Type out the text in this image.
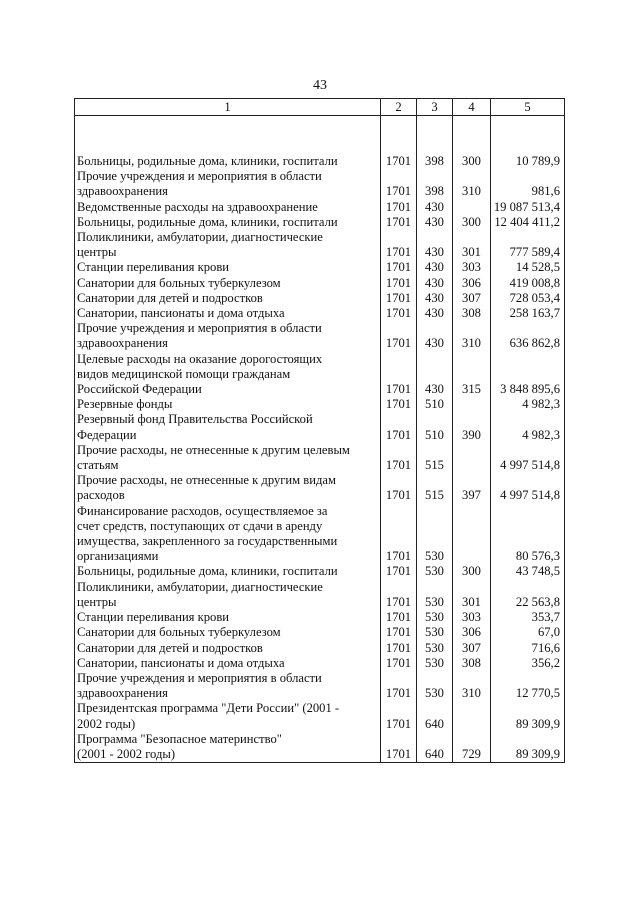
43
1	2	3	4	5

Больницы, родильные дома, клиники, госпитали	1701	398	300	10 789,9
Прочие учреждения и мероприятия в области
здравоохранения	1701	398	310	981,6
Ведомственные расходы на здравоохранение	1701	430		19 087 513,4
Больницы, родильные дома, клиники, госпитали	1701	430	300	12 404 411,2
Поликлиники, амбулатории, диагностические
центры	1701	430	301	777 589,4
Станции переливания крови	1701	430	303	14 528,5
Санатории для больных туберкулезом	1701	430	306	419 008,8
Санатории для детей и подростков	1701	430	307	728 053,4
Санатории, пансионаты и дома отдыха	1701	430	308	258 163,7
Прочие учреждения и мероприятия в области
здравоохранения	1701	430	310	636 862,8
Целевые расходы на оказание дорогостоящих
видов медицинской помощи гражданам
Российской Федерации	1701	430	315	3 848 895,6
Резервные фонды	1701	510		4 982,3
Резервный фонд Правительства Российской
Федерации	1701	510	390	4 982,3
Прочие расходы, не отнесенные к другим целевым
статьям	1701	515		4 997 514,8
Прочие расходы, не отнесенные к другим видам
расходов	1701	515	397	4 997 514,8
Финансирование расходов, осуществляемое за
счет средств, поступающих от сдачи в аренду
имущества, закрепленного за государственными
организациями	1701	530		80 576,3
Больницы, родильные дома, клиники, госпитали	1701	530	300	43 748,5
Поликлиники, амбулатории, диагностические
центры	1701	530	301	22 563,8
Станции переливания крови	1701	530	303	353,7
Санатории для больных туберкулезом	1701	530	306	67,0
Санатории для детей и подростков	1701	530	307	716,6
Санатории, пансионаты и дома отдыха	1701	530	308	356,2
Прочие учреждения и мероприятия в области
здравоохранения	1701	530	310	12 770,5
Президентская программа "Дети России" (2001 -
2002 годы)	1701	640		89 309,9
Программа "Безопасное материнство"
(2001 - 2002 годы)	1701	640	729	89 309,9
